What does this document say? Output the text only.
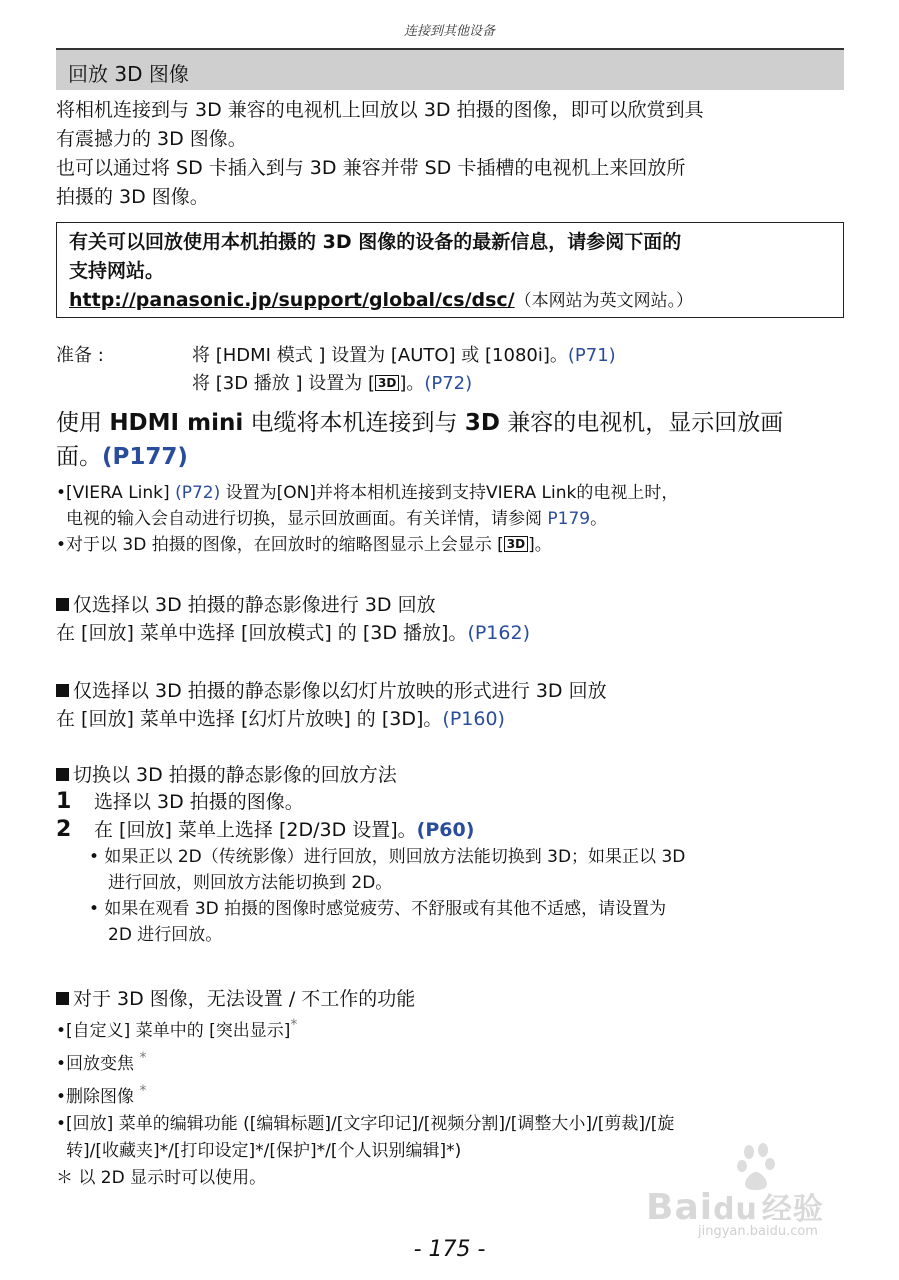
连接到其他设备
回放 3D 图像
将相机连接到与 3D 兼容的电视机上回放以 3D 拍摄的图像，即可以欣赏到具
有震撼力的 3D 图像。
也可以通过将 SD 卡插入到与 3D 兼容并带 SD 卡插槽的电视机上来回放所
拍摄的 3D 图像。
有关可以回放使用本机拍摄的 3D 图像的设备的最新信息，请参阅下面的
支持网站。
http://panasonic.jp/support/global/cs/dsc/（本网站为英文网站。）
准备 :	将 [HDMI 模式 ] 设置为 [AUTO] 或 [1080i]。(P71)
将 [3D 播放 ] 设置为 [ 3D ]。(P72)
使用 HDMI mini 电缆将本机连接到与 3D 兼容的电视机，显示回放画
面。(P177)
•[VIERA Link] (P72) 设置为[ON]并将本相机连接到支持VIERA Link的电视上时，
电视的输入会自动进行切换，显示回放画面。有关详情，请参阅 P179。
•对于以 3D 拍摄的图像，在回放时的缩略图显示上会显示 [ 3D ]。
仅选择以 3D 拍摄的静态影像进行 3D 回放
在 [回放] 菜单中选择 [回放模式] 的 [3D 播放]。(P162)
仅选择以 3D 拍摄的静态影像以幻灯片放映的形式进行 3D 回放
在 [回放] 菜单中选择 [幻灯片放映] 的 [3D]。(P160)
切换以 3D 拍摄的静态影像的回放方法
1 选择以 3D 拍摄的图像。
2 在 [回放] 菜单上选择 [2D/3D 设置]。(P60)
• 如果正以 2D（传统影像）进行回放，则回放方法能切换到 3D；如果正以 3D
进行回放，则回放方法能切换到 2D。
• 如果在观看 3D 拍摄的图像时感觉疲劳、不舒服或有其他不适感，请设置为
2D 进行回放。
对于 3D 图像，无法设置 / 不工作的功能
•[自定义] 菜单中的 [突出显示]*
•回放变焦 *
•删除图像 *
•[回放] 菜单的编辑功能 ([编辑标题]/[文字印记]/[视频分割]/[调整大小]/[剪裁]/[旋
转]/[收藏夹]*/[打印设定]*/[保护]*/[个人识别编辑]*)
＊ 以 2D 显示时可以使用。
Baidu 经验
jingyan.baidu.com
- 175 -
